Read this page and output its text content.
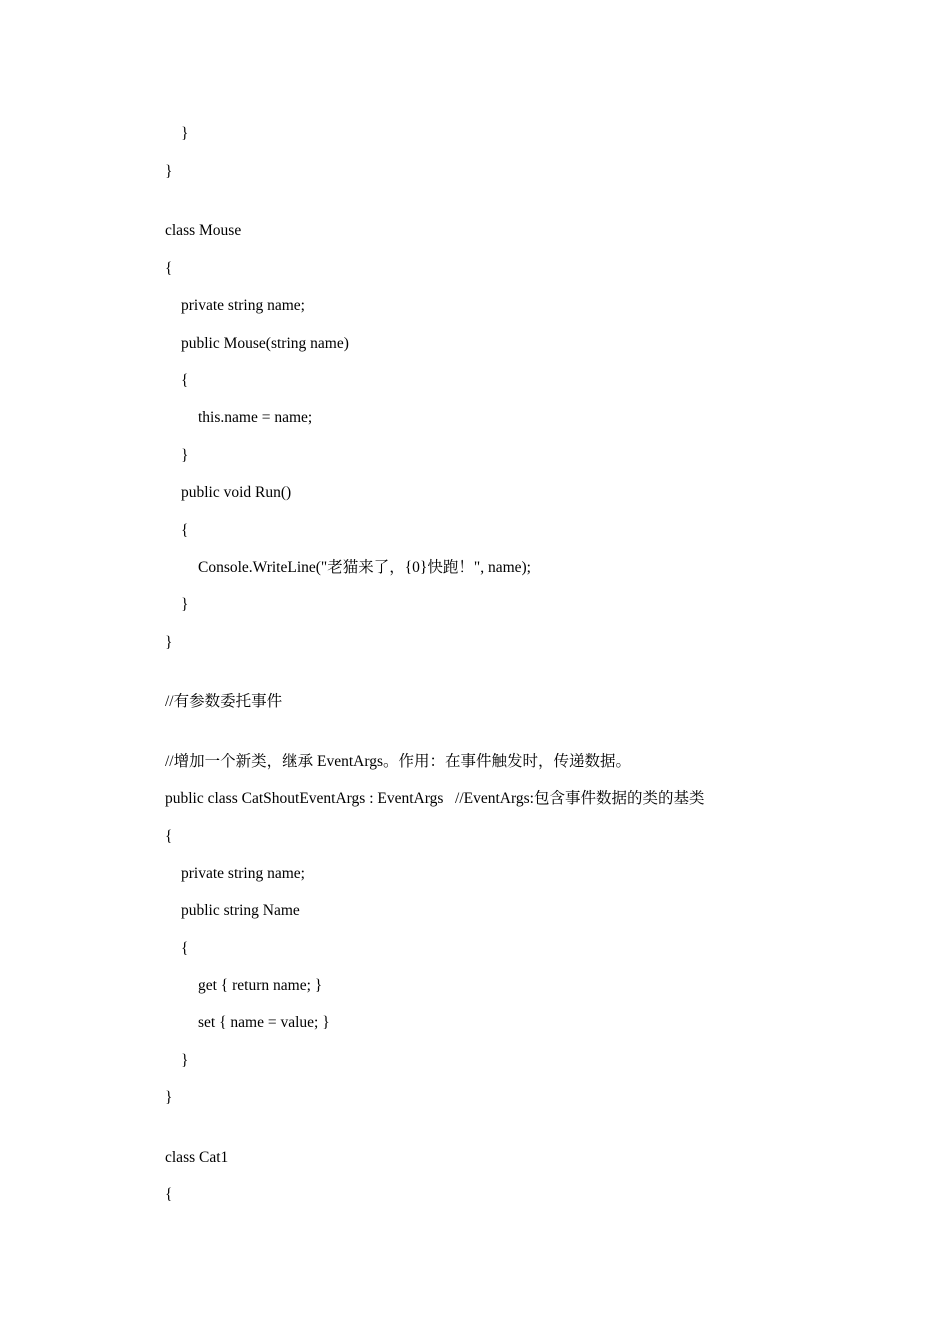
}
}
class Mouse
{
private string name;
public Mouse(string name)
{
this.name = name;
}
public void Run()
{
Console.WriteLine("老猫来了，{0}快跑！", name);
}
}
//有参数委托事件
//增加一个新类，继承 EventArgs。作用：在事件触发时，传递数据。
public class CatShoutEventArgs : EventArgs   //EventArgs:包含事件数据的类的基类
{
private string name;
public string Name
{
get { return name; }
set { name = value; }
}
}
class Cat1
{
